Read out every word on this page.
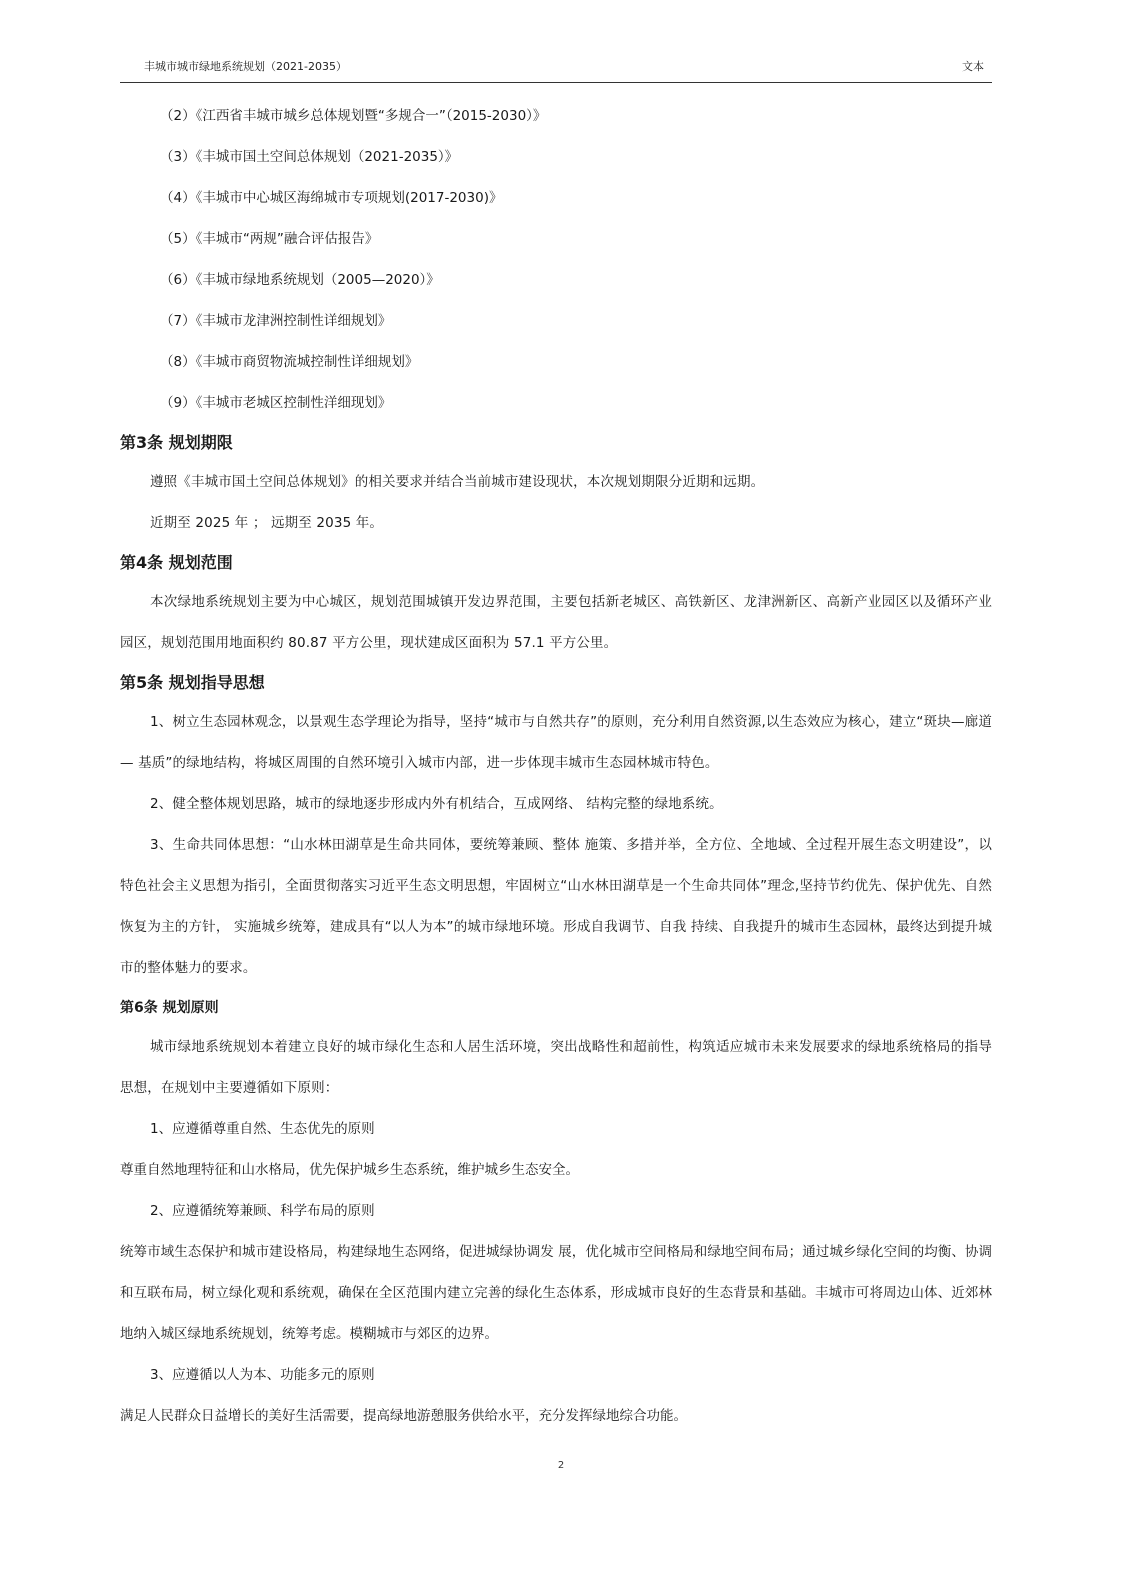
丰城市城市绿地系统规划（2021-2035）	文本
（2）《江西省丰城市城乡总体规划暨“多规合一”（2015-2030）》
（3）《丰城市国土空间总体规划（2021-2035）》
（4）《丰城市中心城区海绵城市专项规划(2017-2030)》
（5）《丰城市“两规”融合评估报告》
（6）《丰城市绿地系统规划（2005—2020）》
（7）《丰城市龙津洲控制性详细规划》
（8）《丰城市商贸物流城控制性详细规划》
（9）《丰城市老城区控制性洋细现划》
第3条 规划期限
遵照《丰城市国土空间总体规划》的相关要求并结合当前城市建设现状，本次规划期限分近期和远期。
近期至 2025 年 ； 远期至 2035 年。
第4条 规划范围
本次绿地系统规划主要为中心城区，规划范围城镇开发边界范围，主要包括新老城区、高铁新区、龙津洲新区、高新产业园区以及循环产业园区，规划范围用地面积约 80.87 平方公里，现状建成区面积为 57.1 平方公里。
第5条 规划指导思想
1、树立生态园林观念，以景观生态学理论为指导，坚持“城市与自然共存”的原则，充分利用自然资源,以生态效应为核心，建立“斑块—廊道— 基质”的绿地结构，将城区周围的自然环境引入城市内部，进一步体现丰城市生态园林城市特色。
2、健全整体规划思路，城市的绿地逐步形成内外有机结合，互成网络、 结构完整的绿地系统。
3、生命共同体思想：“山水林田湖草是生命共同体，要统筹兼顾、整体 施策、多措并举，全方位、全地域、全过程开展生态文明建设”，以特色社会主义思想为指引，全面贯彻落实习近平生态文明思想，牢固树立“山水林田湖草是一个生命共同体”理念,坚持节约优先、保护优先、自然恢复为主的方针， 实施城乡统筹，建成具有“以人为本”的城市绿地环境。形成自我调节、自我 持续、自我提升的城市生态园林，最终达到提升城市的整体魅力的要求。
第6条 规划原则
城市绿地系统规划本着建立良好的城市绿化生态和人居生活环境，突出战略性和超前性，构筑适应城市未来发展要求的绿地系统格局的指导思想，在规划中主要遵循如下原则：
1、应遵循尊重自然、生态优先的原则
尊重自然地理特征和山水格局，优先保护城乡生态系统，维护城乡生态安全。
2、应遵循统筹兼顾、科学布局的原则
统筹市域生态保护和城市建设格局，构建绿地生态网络，促进城绿协调发 展，优化城市空间格局和绿地空间布局；通过城乡绿化空间的均衡、协调和互联布局，树立绿化观和系统观，确保在全区范围内建立完善的绿化生态体系，形成城市良好的生态背景和基础。丰城市可将周边山体、近郊林地纳入城区绿地系统规划，统筹考虑。模糊城市与郊区的边界。
3、应遵循以人为本、功能多元的原则
满足人民群众日益增长的美好生活需要，提高绿地游憩服务供给水平，充分发挥绿地综合功能。
2
